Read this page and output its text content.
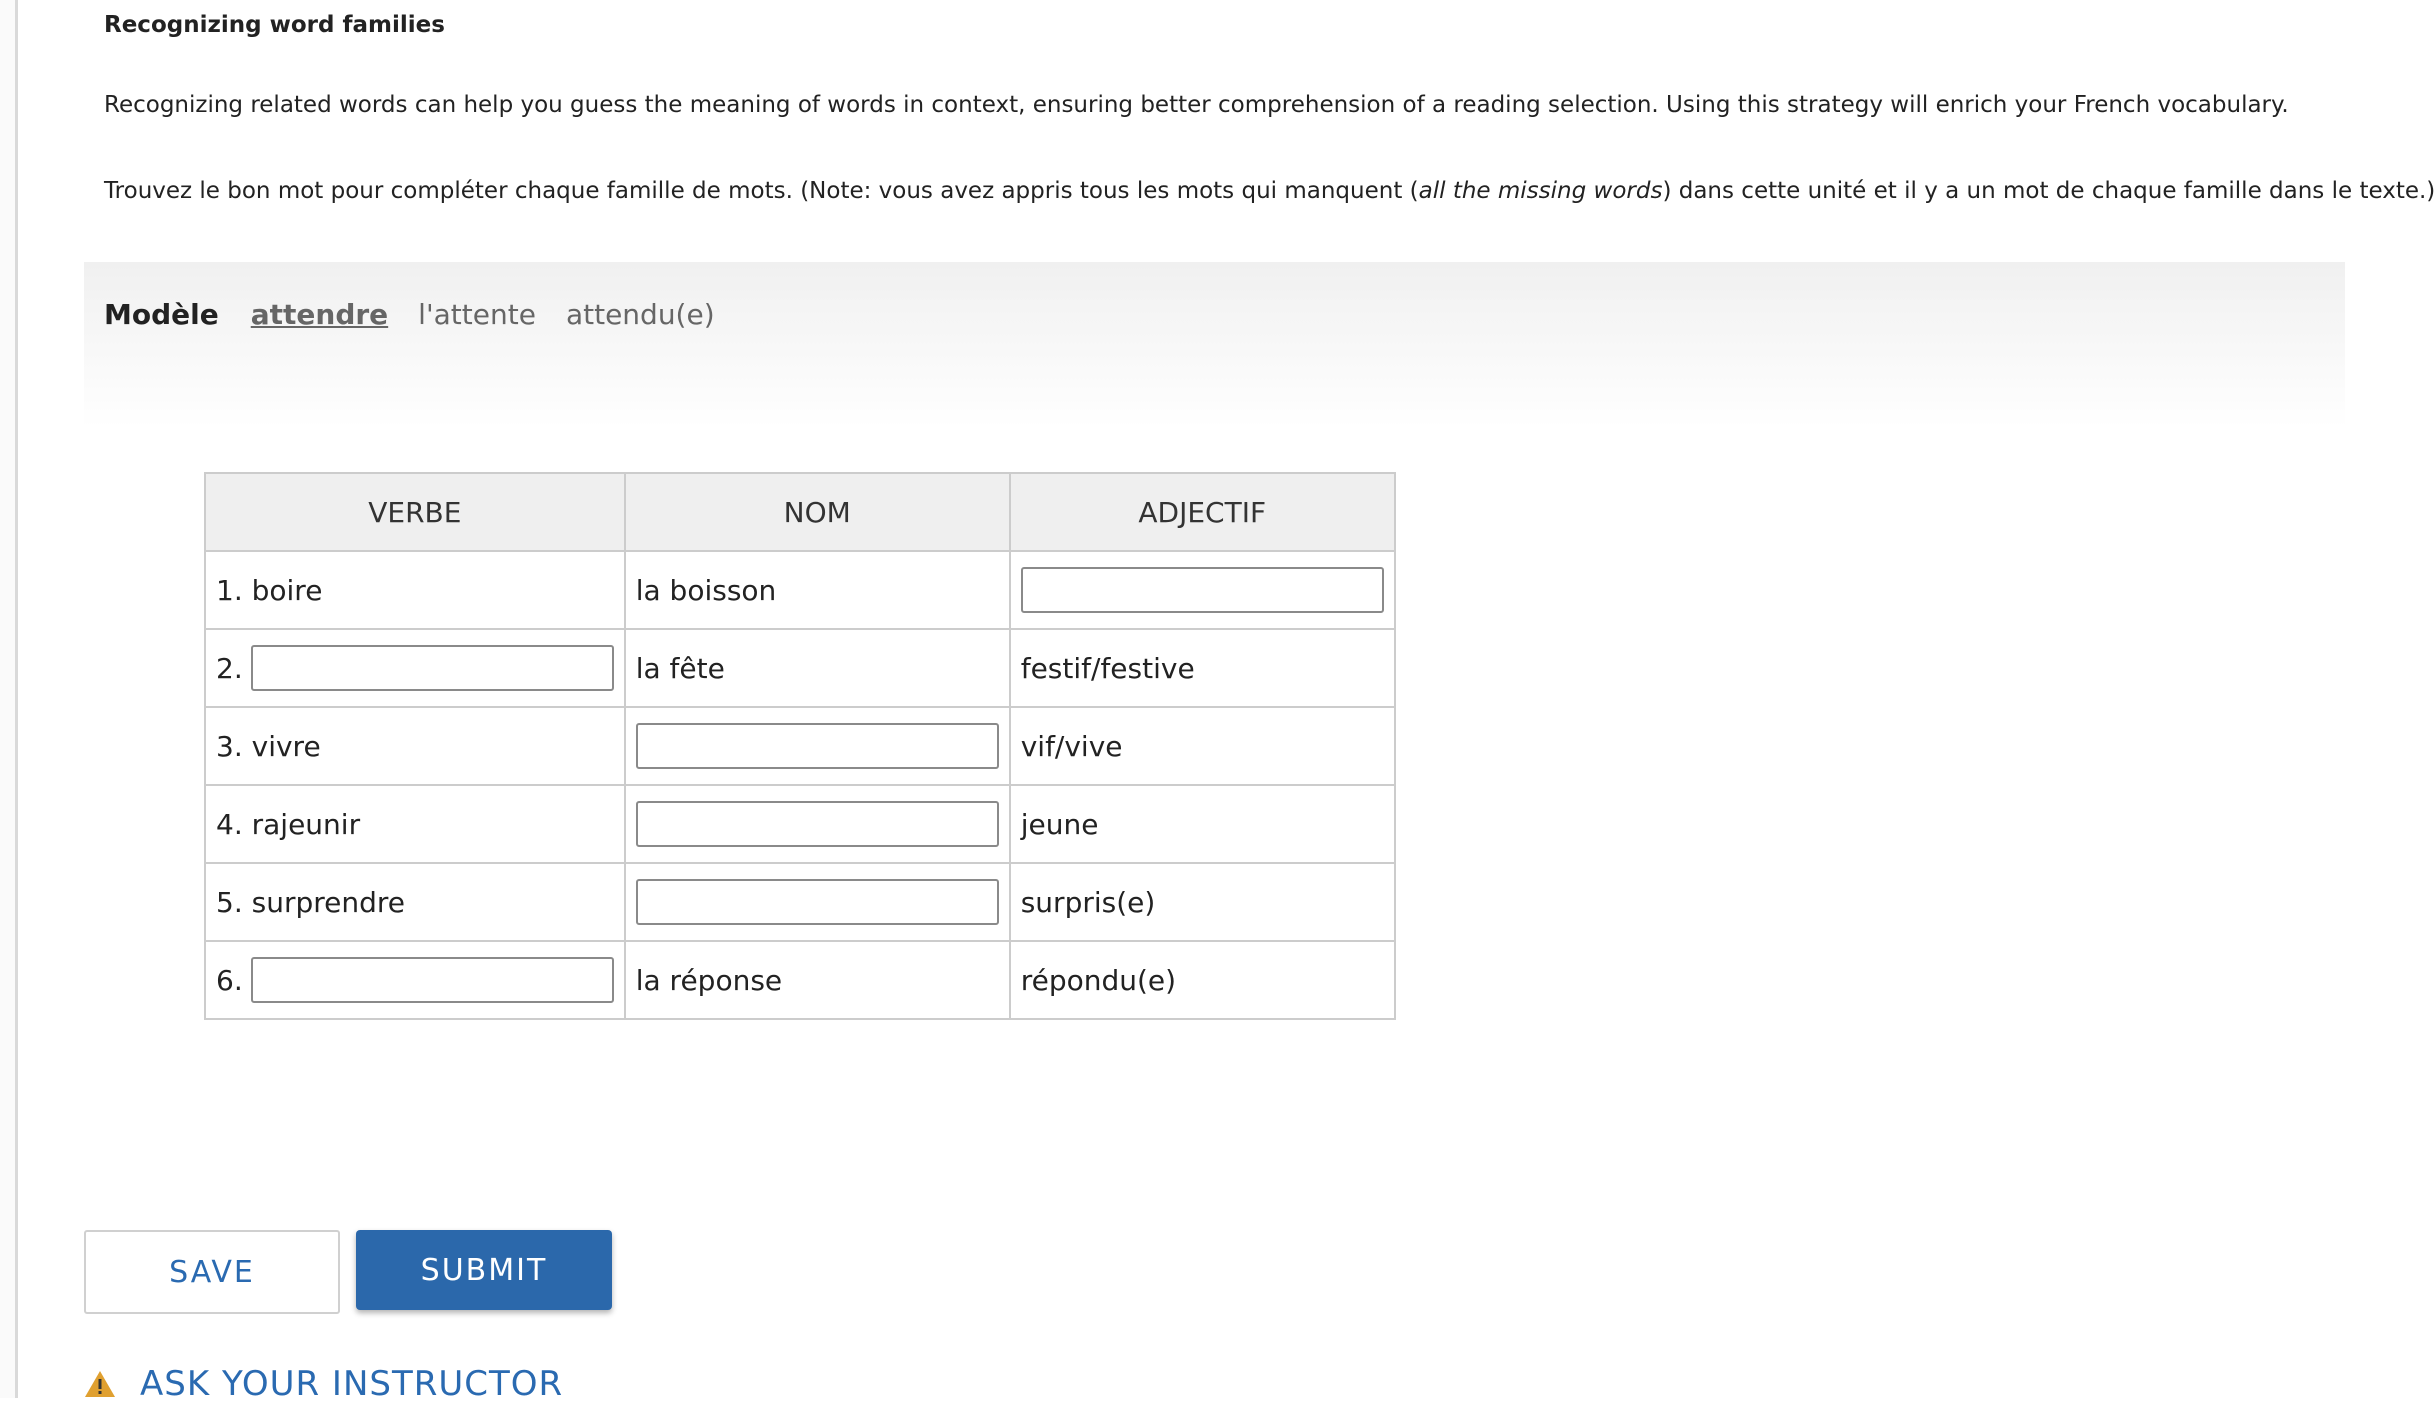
Recognizing word families
Recognizing related words can help you guess the meaning of words in context, ensuring better comprehension of a reading selection. Using this strategy will enrich your French vocabulary.
Trouvez le bon mot pour compléter chaque famille de mots. (Note: vous avez appris tous les mots qui manquent (all the missing words) dans cette unité et il y a un mot de chaque famille dans le texte.)
Modèle attendre l'attente attendu(e)
VERBE	NOM	ADJECTIF
1. boire	la boisson	

2.	la fête	festif/festive
3. vivre		vif/vive
4. rajeunir		jeune
5. surprendre		surpris(e)

6.	la réponse	répondu(e)
SAVE	SUBMIT
ASK YOUR INSTRUCTOR
